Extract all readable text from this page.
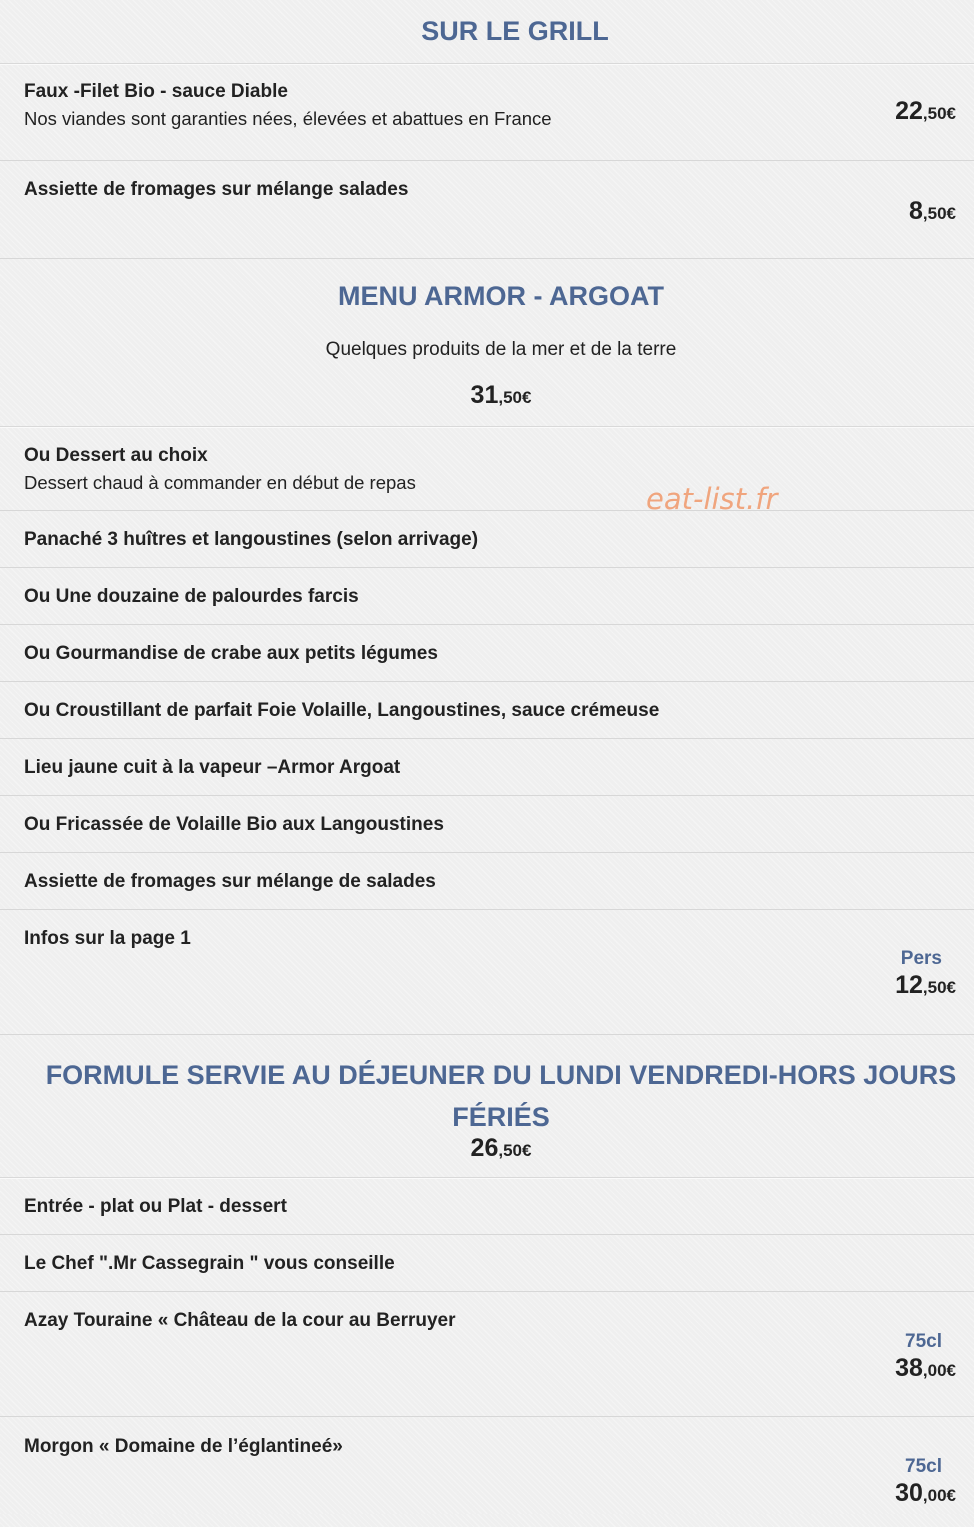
SUR LE GRILL
Faux -Filet Bio - sauce Diable
Nos viandes sont garanties nées, élevées et abattues en France	22,50€
Assiette de fromages sur mélange salades
8,50€
MENU ARMOR - ARGOAT
Quelques produits de la mer et de la terre
31,50€
Ou Dessert au choix
Dessert chaud à commander en début de repas
Panaché 3 huîtres et langoustines (selon arrivage)
Ou Une douzaine de palourdes farcis
Ou Gourmandise de crabe aux petits légumes
Ou Croustillant de parfait Foie Volaille, Langoustines, sauce crémeuse
Lieu jaune cuit à la vapeur –Armor Argoat
Ou Fricassée de Volaille Bio aux Langoustines
Assiette de fromages sur mélange de salades
Infos sur la page 1
Pers
12,50€
FORMULE SERVIE AU DÉJEUNER DU LUNDI VENDREDI-HORS JOURS
FÉRIÉS
26,50€
Entrée - plat ou Plat - dessert
Le Chef ".Mr Cassegrain " vous conseille
Azay Touraine « Château de la cour au Berruyer
75cl
38,00€
Morgon « Domaine de l’églantineé»
75cl
30,00€
eat-list.fr
